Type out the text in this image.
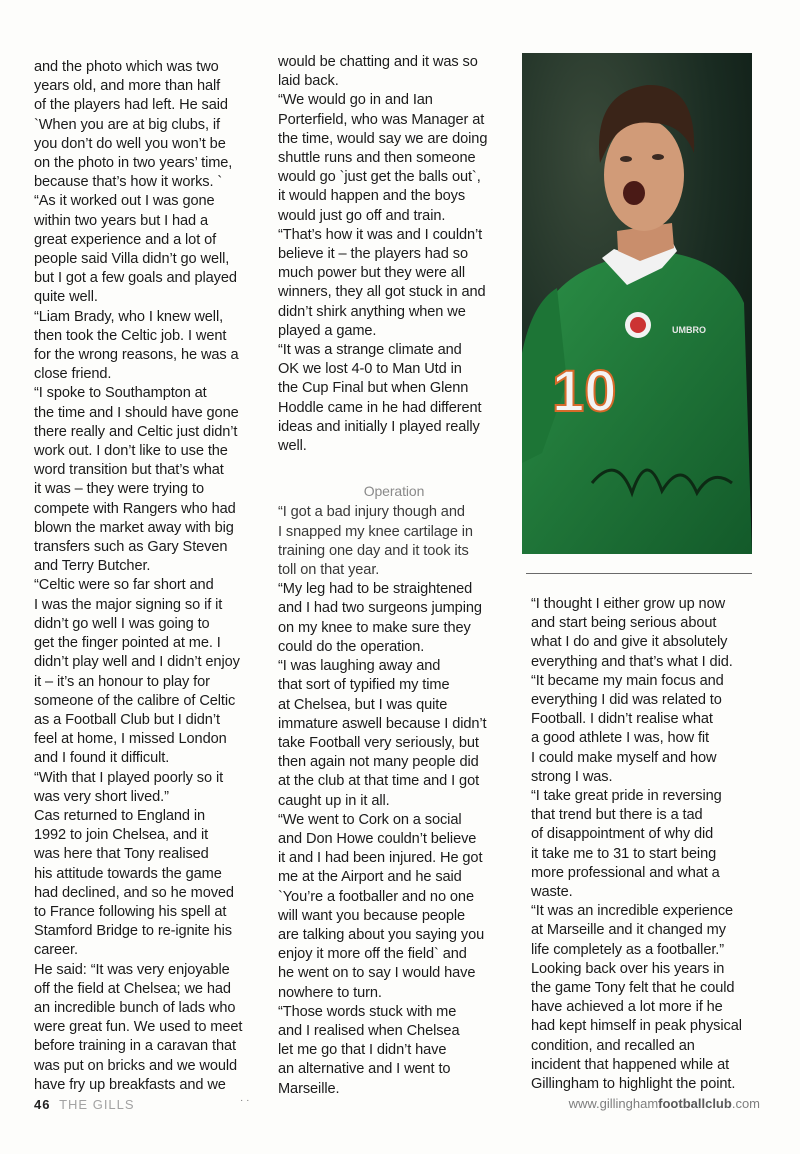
and the photo which was two
years old, and more than half
of the players had left. He said
`When you are at big clubs, if
you don’t do well you won’t be
on the photo in two years’ time,
because that’s how it works. `

“As it worked out I was gone
within two years but I had a
great experience and a lot of
people said Villa didn’t go well,
but I got a few goals and played
quite well.

“Liam Brady, who I knew well,
then took the Celtic job. I went
for the wrong reasons, he was a
close friend.

“I spoke to Southampton at
the time and I should have gone
there really and Celtic just didn’t
work out. I don’t like to use the
word transition but that’s what
it was – they were trying to
compete with Rangers who had
blown the market away with big
transfers such as Gary Steven
and Terry Butcher.

“Celtic were so far short and
I was the major signing so if it
didn’t go well I was going to
get the finger pointed at me. I
didn’t play well and I didn’t enjoy
it – it’s an honour to play for
someone of the calibre of Celtic
as a Football Club but I didn’t
feel at home, I missed London
and I found it difficult.

“With that I played poorly so it
was very short lived.”

Cas returned to England in
1992 to join Chelsea, and it
was here that Tony realised
his attitude towards the game
had declined, and so he moved
to France following his spell at
Stamford Bridge to re-ignite his
career.

He said: “It was very enjoyable
off the field at Chelsea; we had
an incredible bunch of lads who
were great fun. We used to meet
before training in a caravan that
was put on bricks and we would
have fry up breakfasts and we

would be chatting and it was so
laid back.

“We would go in and Ian
Porterfield, who was Manager at
the time, would say we are doing
shuttle runs and then someone
would go `just get the balls out`,
it would happen and the boys
would just go off and train.

“That’s how it was and I couldn’t
believe it – the players had so
much power but they were all
winners, they all got stuck in and
didn’t shirk anything when we
played a game.

“It was a strange climate and
OK we lost 4-0 to Man Utd in
the Cup Final but when Glenn
Hoddle came in he had different
ideas and initially I played really
well.

Operation

“I got a bad injury though and
I snapped my knee cartilage in
training one day and it took its
toll on that year.

“My leg had to be straightened
and I had two surgeons jumping
on my knee to make sure they
could do the operation.

“I was laughing away and
that sort of typified my time
at Chelsea, but I was quite
immature aswell because I didn’t
take Football very seriously, but
then again not many people did
at the club at that time and I got
caught up in it all.

“We went to Cork on a social
and Don Howe couldn’t believe
it and I had been injured. He got
me at the Airport and he said
`You’re a footballer and no one
will want you because people
are talking about you saying you
enjoy it more off the field` and
he went on to say I would have
nowhere to turn.

“Those words stuck with me
and I realised when Chelsea
let me go that I didn’t have
an alternative and I went to
Marseille.

UMBRO
10

“I thought I either grow up now
and start being serious about
what I do and give it absolutely
everything and that’s what I did.

“It became my main focus and
everything I did was related to
Football. I didn’t realise what
a good athlete I was, how fit
I could make myself and how
strong I was.

“I take great pride in reversing
that trend but there is a tad
of disappointment of why did
it take me to 31 to start being
more professional and what a
waste.

“It was an incredible experience
at Marseille and it changed my
life completely as a footballer.”
Looking back over his years in
the game Tony felt that he could
have achieved a lot more if he
had kept himself in peak physical
condition, and recalled an
incident that happened while at
Gillingham to highlight the point.

46 THE GILLS	· ·	www.gillinghamfootballclub.com
